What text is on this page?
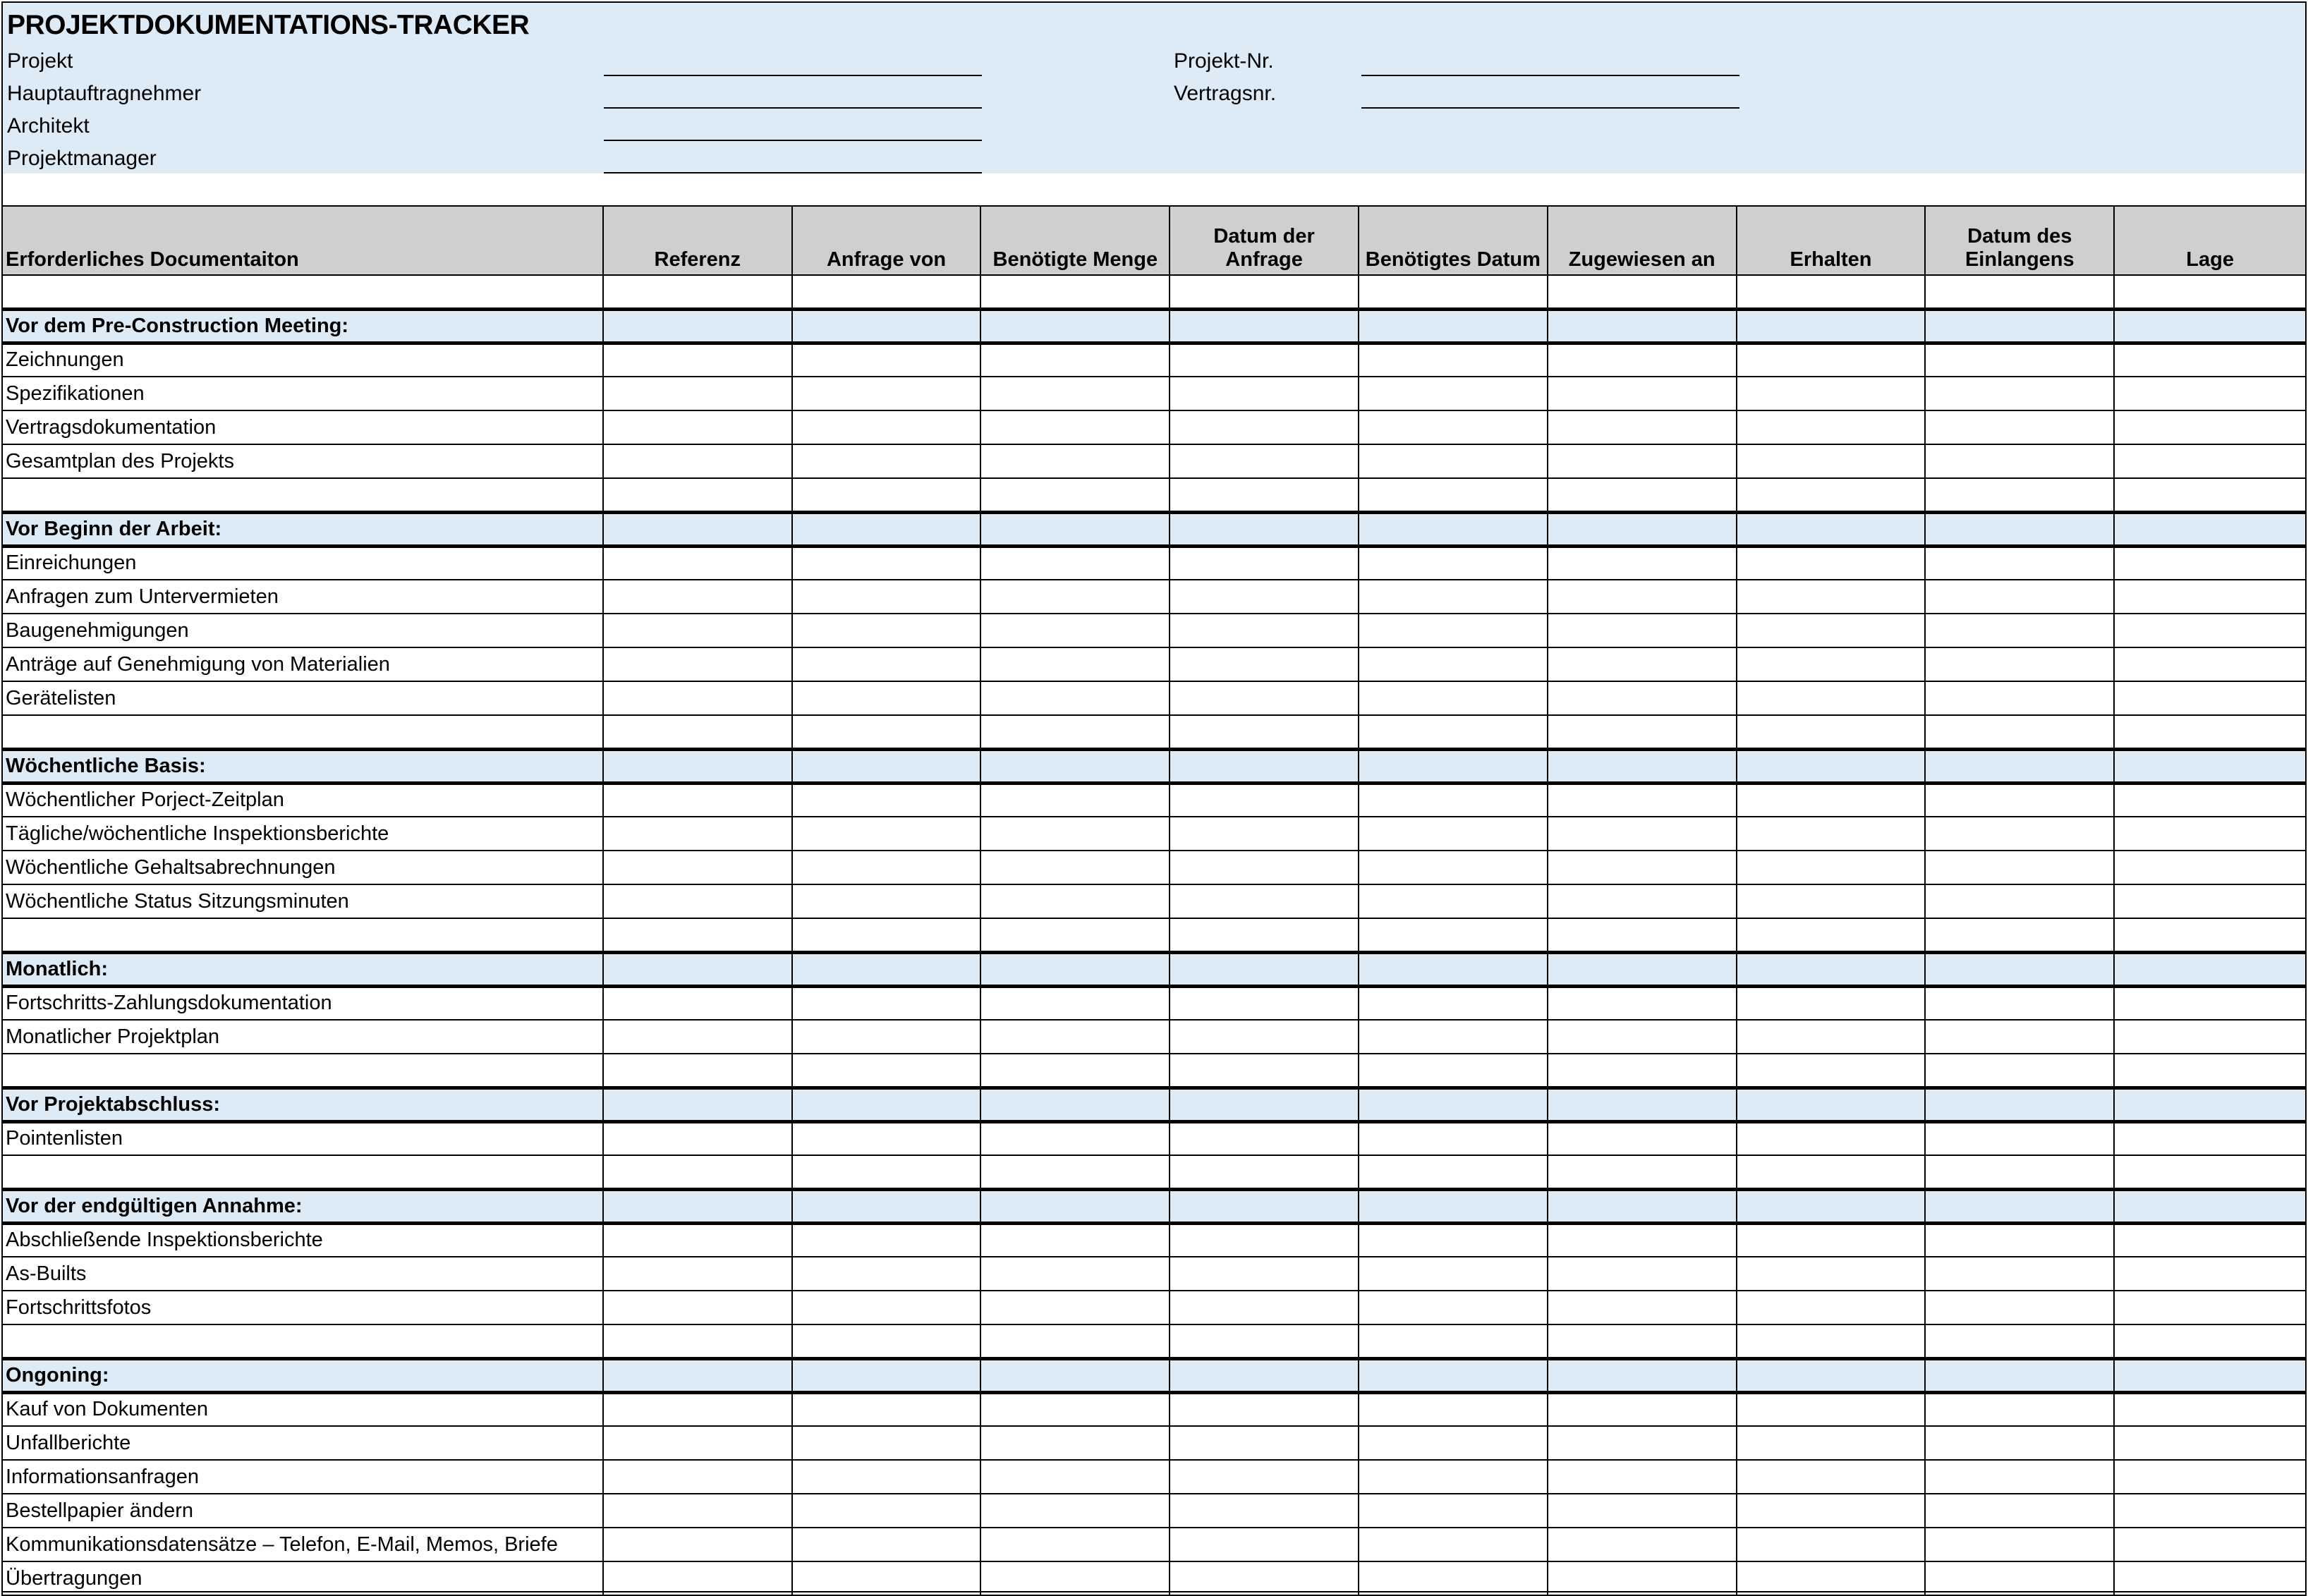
PROJEKTDOKUMENTATIONS-TRACKER
Projekt
Hauptauftragnehmer
Architekt
Projektmanager
Projekt-Nr.
Vertragsnr.
Erforderliches Documentaiton	Referenz	Anfrage von	Benötigte Menge	Datum der Anfrage	Benötigtes Datum	Zugewiesen an	Erhalten	Datum des Einlangens	Lage

Vor dem Pre-Construction Meeting:									
Zeichnungen									
Spezifikationen									
Vertragsdokumentation									
Gesamtplan des Projekts									

Vor Beginn der Arbeit:									
Einreichungen									
Anfragen zum Untervermieten									
Baugenehmigungen									
Anträge auf Genehmigung von Materialien									
Gerätelisten									

Wöchentliche Basis:									
Wöchentlicher Porject-Zeitplan									
Tägliche/wöchentliche Inspektionsberichte									
Wöchentliche Gehaltsabrechnungen									
Wöchentliche Status Sitzungsminuten									

Monatlich:									
Fortschritts-Zahlungsdokumentation									
Monatlicher Projektplan									

Vor Projektabschluss:									
Pointenlisten									

Vor der endgültigen Annahme:									
Abschließende Inspektionsberichte									
As-Builts									
Fortschrittsfotos									

Ongoning:									
Kauf von Dokumenten									
Unfallberichte									
Informationsanfragen									
Bestellpapier ändern									
Kommunikationsdatensätze – Telefon, E-Mail, Memos, Briefe									
Übertragungen									
